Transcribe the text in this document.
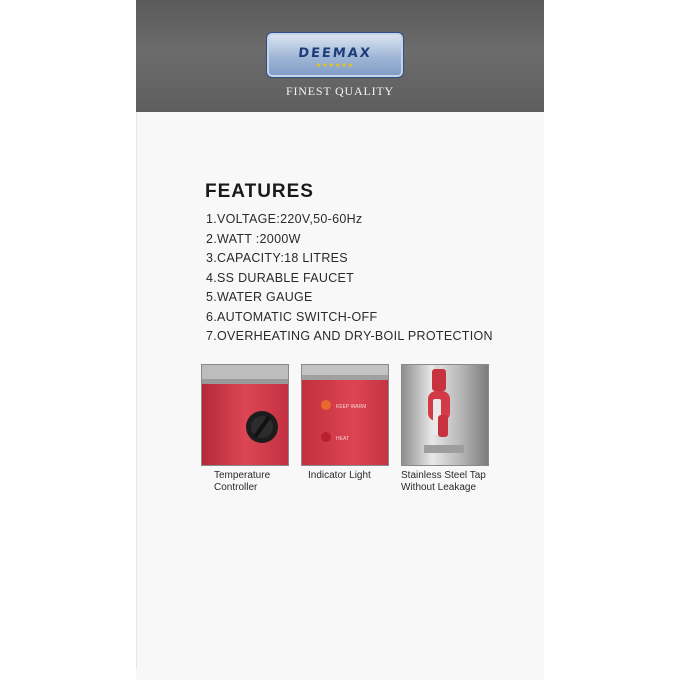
DEEMAX
★★★★★★
FINEST QUALITY
FEATURES
1.VOLTAGE:220V,50-60Hz
2.WATT :2000W
3.CAPACITY:18 LITRES
4.SS DURABLE FAUCET
5.WATER GAUGE
6.AUTOMATIC SWITCH-OFF
7.OVERHEATING AND DRY-BOIL PROTECTION
KEEP WARM
HEAT
Temperature
Controller
Indicator Light	Stainless Steel Tap
Without Leakage
